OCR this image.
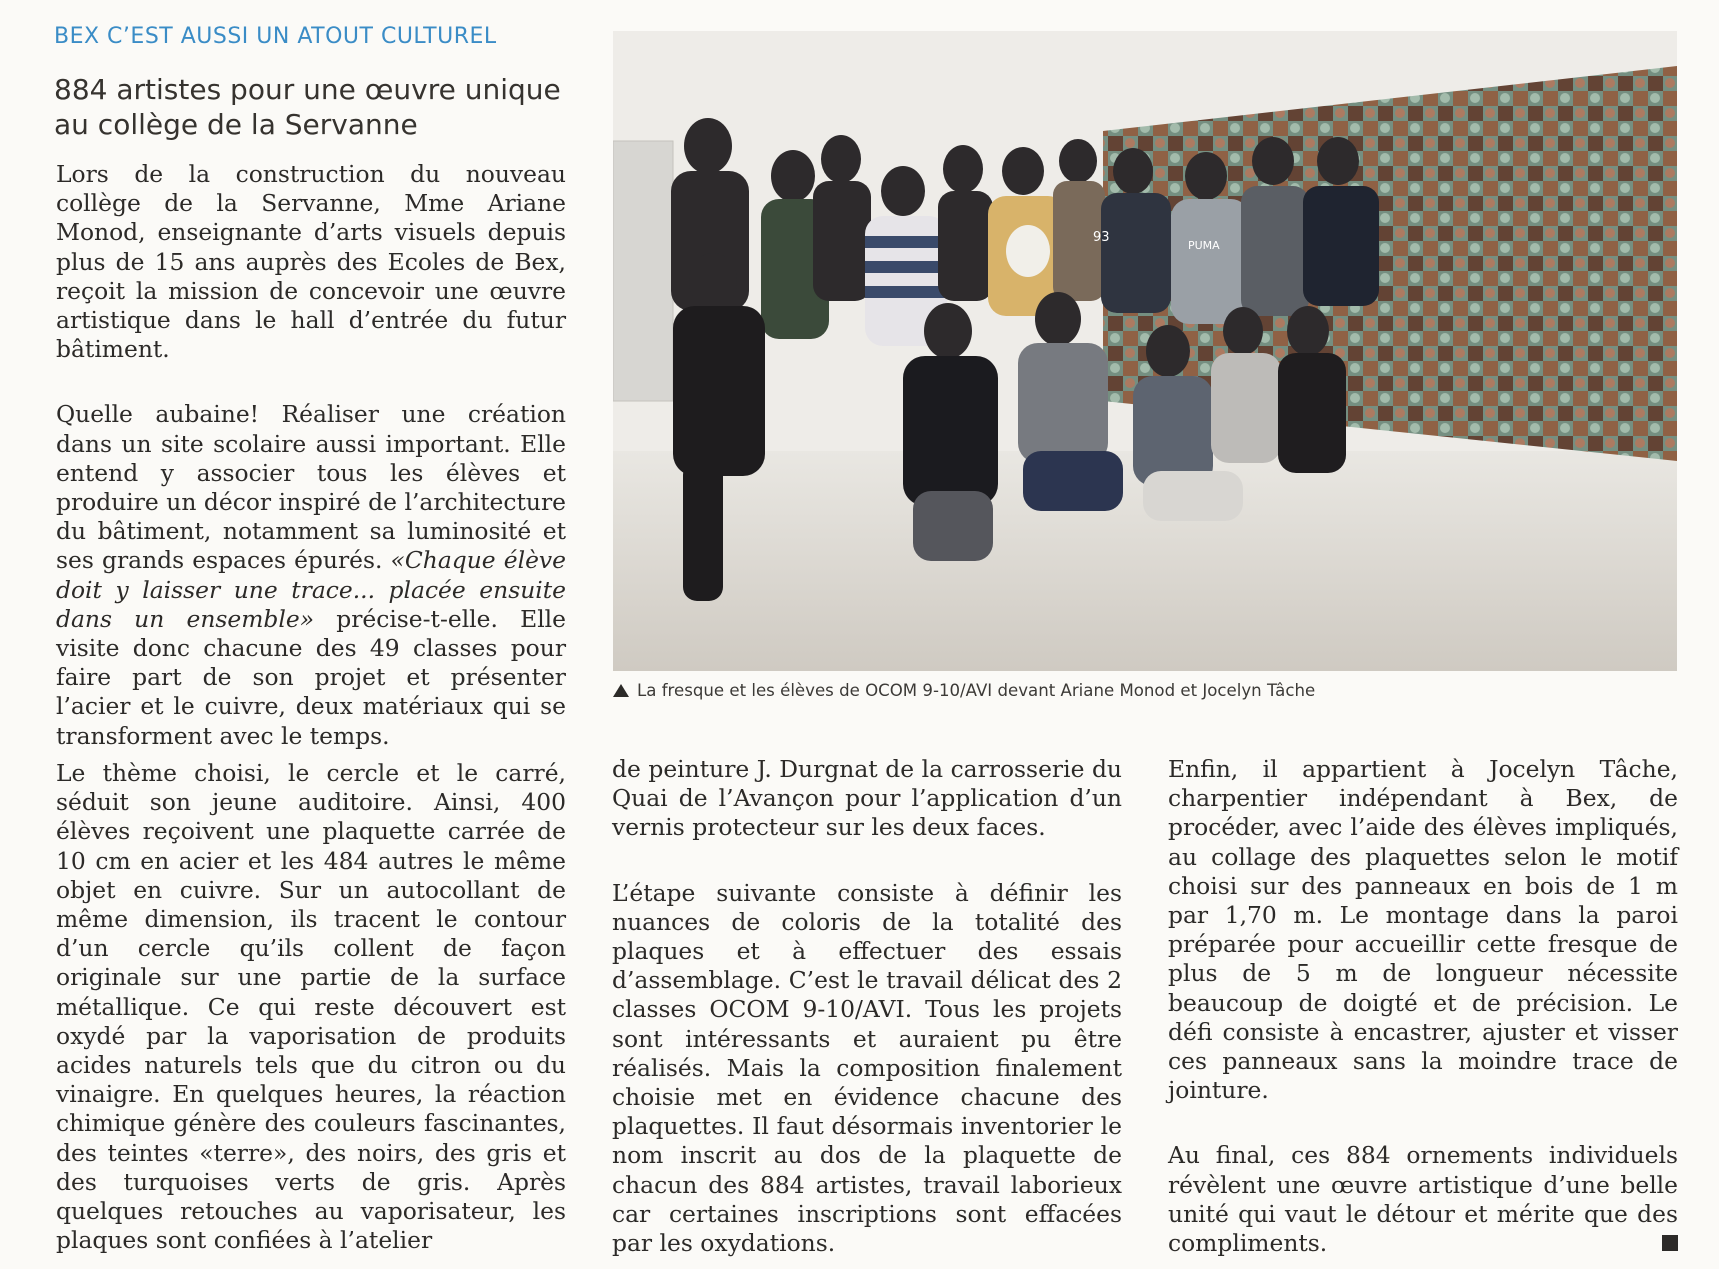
BEX C’EST AUSSI UN ATOUT CULTUREL
884 artistes pour une œuvre unique au collège de la Servanne

Lors de la construction du nouveau collège de la Servanne, Mme Ariane Monod, enseignante d’arts visuels depuis plus de 15 ans auprès des Ecoles de Bex, reçoit la mission de concevoir une œuvre artistique dans le hall d’entrée du futur bâtiment.

Quelle aubaine! Réaliser une création dans un site scolaire aussi important. Elle entend y associer tous les élèves et produire un décor inspiré de l’architecture du bâtiment, notamment sa luminosité et ses grands espaces épurés. «Chaque élève doit y laisser une trace... placée ensuite dans un ensemble» précise-t-elle. Elle visite donc chacune des 49 classes pour faire part de son projet et présenter l’acier et le cuivre, deux matériaux qui se transforment avec le temps.

Le thème choisi, le cercle et le carré, séduit son jeune auditoire. Ainsi, 400 élèves reçoivent une plaquette carrée de 10 cm en acier et les 484 autres le même objet en cuivre. Sur un autocollant de même dimension, ils tracent le contour d’un cercle qu’ils collent de façon originale sur une partie de la surface métallique. Ce qui reste découvert est oxydé par la vaporisation de produits acides naturels tels que du citron ou du vinaigre. En quelques heures, la réaction chimique génère des couleurs fascinantes, des teintes «terre», des noirs, des gris et des turquoises verts de gris. Après quelques retouches au vaporisateur, les plaques sont confiées à l’atelier

de peinture J. Durgnat de la carrosserie du Quai de l’Avançon pour l’application d’un vernis protecteur sur les deux faces.

L’étape suivante consiste à définir les nuances de coloris de la totalité des plaques et à effectuer des essais d’assemblage. C’est le travail délicat des 2 classes OCOM 9-10/AVI. Tous les projets sont intéressants et auraient pu être réalisés. Mais la composition finalement choisie met en évidence chacune des plaquettes. Il faut désormais inventorier le nom inscrit au dos de la plaquette de chacun des 884 artistes, travail laborieux car certaines inscriptions sont effacées par les oxydations.

Enfin, il appartient à Jocelyn Tâche, charpentier indépendant à Bex, de procéder, avec l’aide des élèves impliqués, au collage des plaquettes selon le motif choisi sur des panneaux en bois de 1 m par 1,70 m. Le montage dans la paroi préparée pour accueillir cette fresque de plus de 5 m de longueur nécessite beaucoup de doigté et de précision. Le défi consiste à encastrer, ajuster et visser ces panneaux sans la moindre trace de jointure.

Au final, ces 884 ornements individuels révèlent une œuvre artistique d’une belle unité qui vaut le détour et mérite que des compliments.

93
PUMA
La fresque et les élèves de OCOM 9-10/AVI devant Ariane Monod et Jocelyn Tâche
